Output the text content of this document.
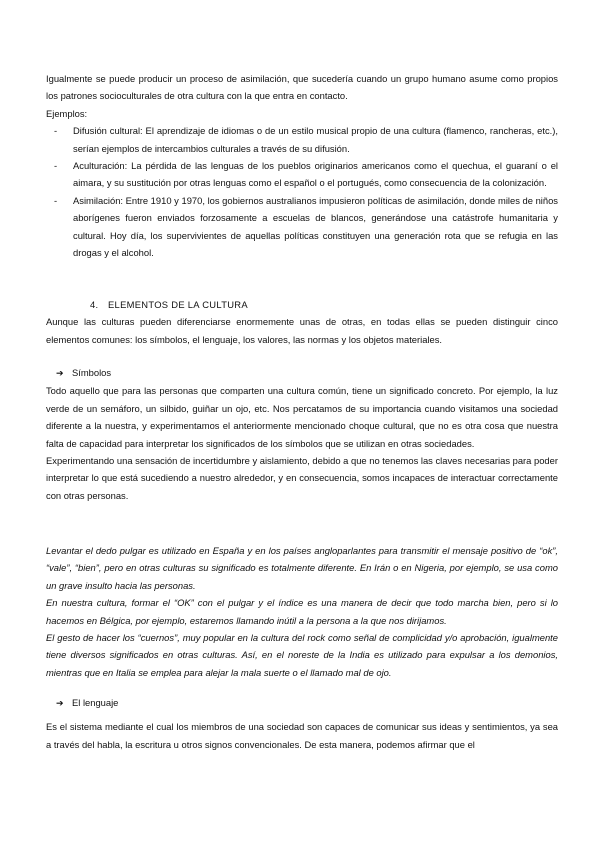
Igualmente se puede producir un proceso de asimilación, que sucedería cuando un grupo humano asume como propios los patrones socioculturales de otra cultura con la que entra en contacto.

Ejemplos:

- Difusión cultural: El aprendizaje de idiomas o de un estilo musical propio de una cultura (flamenco, rancheras, etc.), serían ejemplos de intercambios culturales a través de su difusión.
- Aculturación: La pérdida de las lenguas de los pueblos originarios americanos como el quechua, el guaraní o el aimara, y su sustitución por otras lenguas como el español o el portugués, como consecuencia de la colonización.
- Asimilación: Entre 1910 y 1970, los gobiernos australianos impusieron políticas de asimilación, donde miles de niños aborígenes fueron enviados forzosamente a escuelas de blancos, generándose una catástrofe humanitaria y cultural. Hoy día, los supervivientes de aquellas políticas constituyen una generación rota que se refugia en las drogas y el alcohol.

4. ELEMENTOS DE LA CULTURA

Aunque las culturas pueden diferenciarse enormemente unas de otras, en todas ellas se pueden distinguir cinco elementos comunes: los símbolos, el lenguaje, los valores, las normas y los objetos materiales.

➔ Símbolos

Todo aquello que para las personas que comparten una cultura común, tiene un significado concreto. Por ejemplo, la luz verde de un semáforo, un silbido, guiñar un ojo, etc. Nos percatamos de su importancia cuando visitamos una sociedad diferente a la nuestra, y experimentamos el anteriormente mencionado choque cultural, que no es otra cosa que nuestra falta de capacidad para interpretar los significados de los símbolos que se utilizan en otras sociedades.

Experimentando una sensación de incertidumbre y aislamiento, debido a que no tenemos las claves necesarias para poder interpretar lo que está sucediendo a nuestro alrededor, y en consecuencia, somos incapaces de interactuar correctamente con otras personas.

Levantar el dedo pulgar es utilizado en España y en los países angloparlantes para transmitir el mensaje positivo de “ok”, “vale”, “bien”, pero en otras culturas su significado es totalmente diferente. En Irán o en Nigeria, por ejemplo, se usa como un grave insulto hacia las personas.

En nuestra cultura, formar el “OK” con el pulgar y el índice es una manera de decir que todo marcha bien, pero si lo hacemos en Bélgica, por ejemplo, estaremos llamando inútil a la persona a la que nos dirijamos.

El gesto de hacer los “cuernos”, muy popular en la cultura del rock como señal de complicidad y/o aprobación, igualmente tiene diversos significados en otras culturas. Así, en el noreste de la India es utilizado para expulsar a los demonios, mientras que en Italia se emplea para alejar la mala suerte o el llamado mal de ojo.

➔ El lenguaje

Es el sistema mediante el cual los miembros de una sociedad son capaces de comunicar sus ideas y sentimientos, ya sea a través del habla, la escritura u otros signos convencionales. De esta manera, podemos afirmar que el
